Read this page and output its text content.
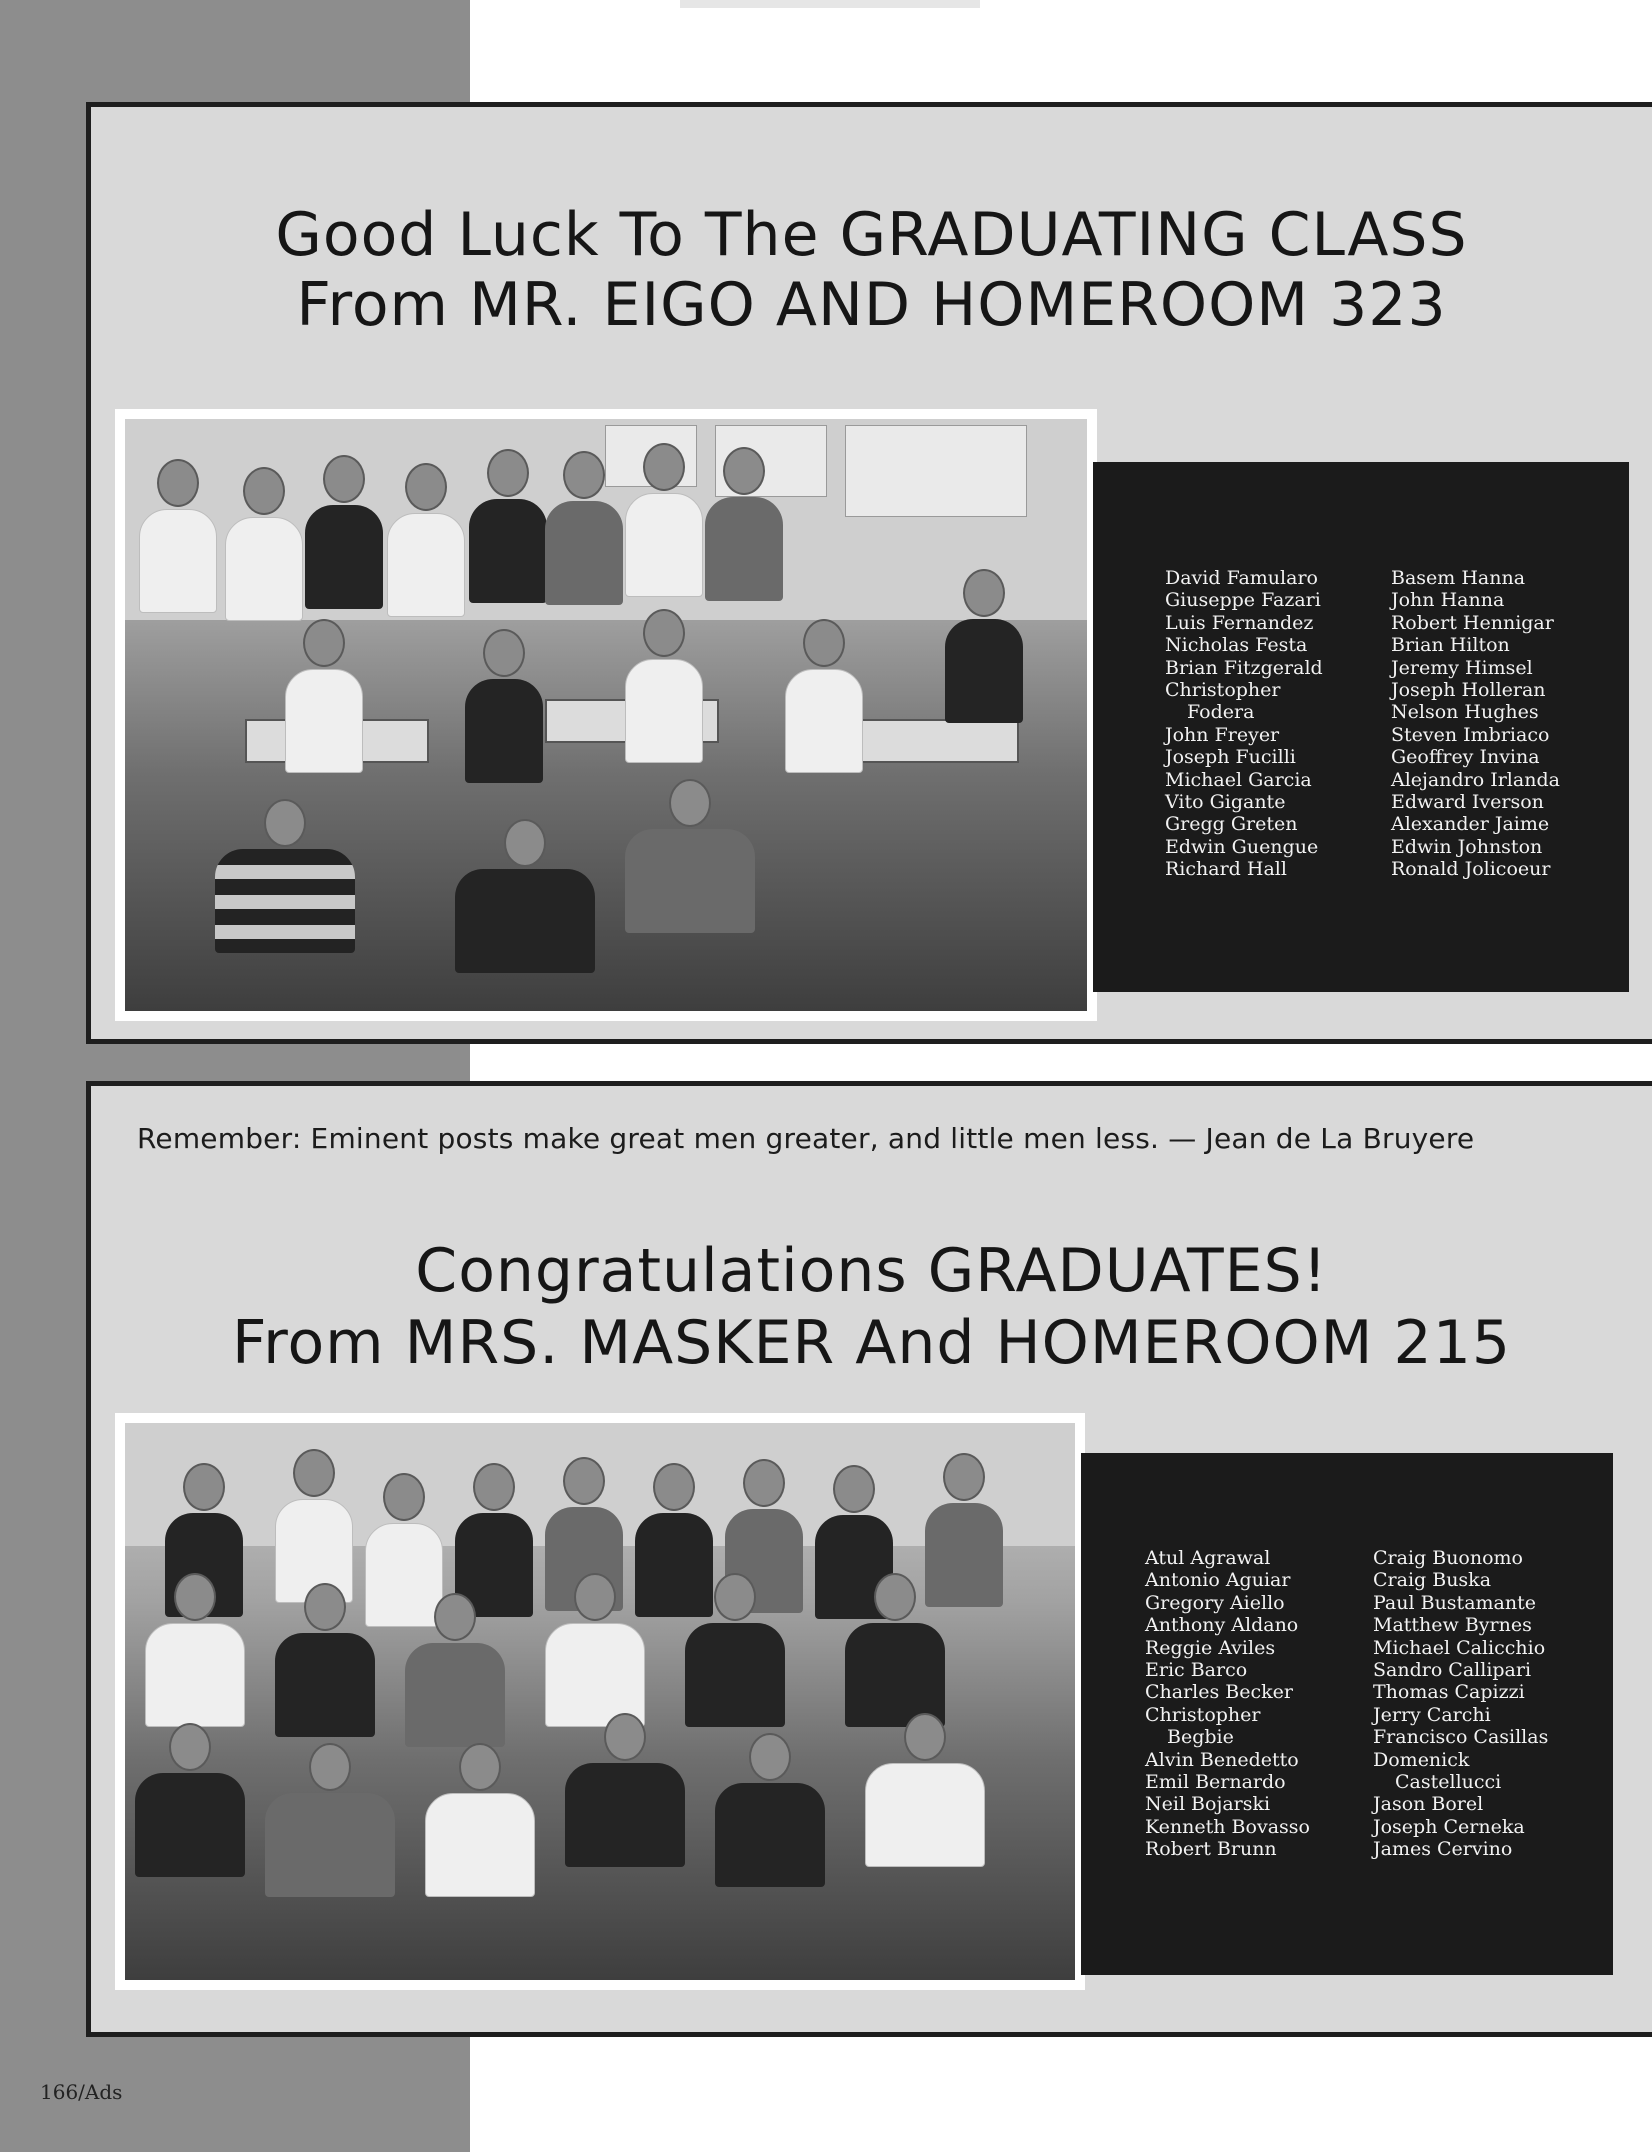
Good Luck To The GRADUATING CLASS
From MR. EIGO AND HOMEROOM 323
David Famularo
Giuseppe Fazari
Luis Fernandez
Nicholas Festa
Brian Fitzgerald
Christopher
Fodera
John Freyer
Joseph Fucilli
Michael Garcia
Vito Gigante
Gregg Greten
Edwin Guengue
Richard Hall
Basem Hanna
John Hanna
Robert Hennigar
Brian Hilton
Jeremy Himsel
Joseph Holleran
Nelson Hughes
Steven Imbriaco
Geoffrey Invina
Alejandro Irlanda
Edward Iverson
Alexander Jaime
Edwin Johnston
Ronald Jolicoeur
Remember: Eminent posts make great men greater, and little men less. — Jean de La Bruyere
Congratulations GRADUATES!
From MRS. MASKER And HOMEROOM 215
Atul Agrawal
Antonio Aguiar
Gregory Aiello
Anthony Aldano
Reggie Aviles
Eric Barco
Charles Becker
Christopher
Begbie
Alvin Benedetto
Emil Bernardo
Neil Bojarski
Kenneth Bovasso
Robert Brunn
Craig Buonomo
Craig Buska
Paul Bustamante
Matthew Byrnes
Michael Calicchio
Sandro Callipari
Thomas Capizzi
Jerry Carchi
Francisco Casillas
Domenick
Castellucci
Jason Borel
Joseph Cerneka
James Cervino
166/Ads
